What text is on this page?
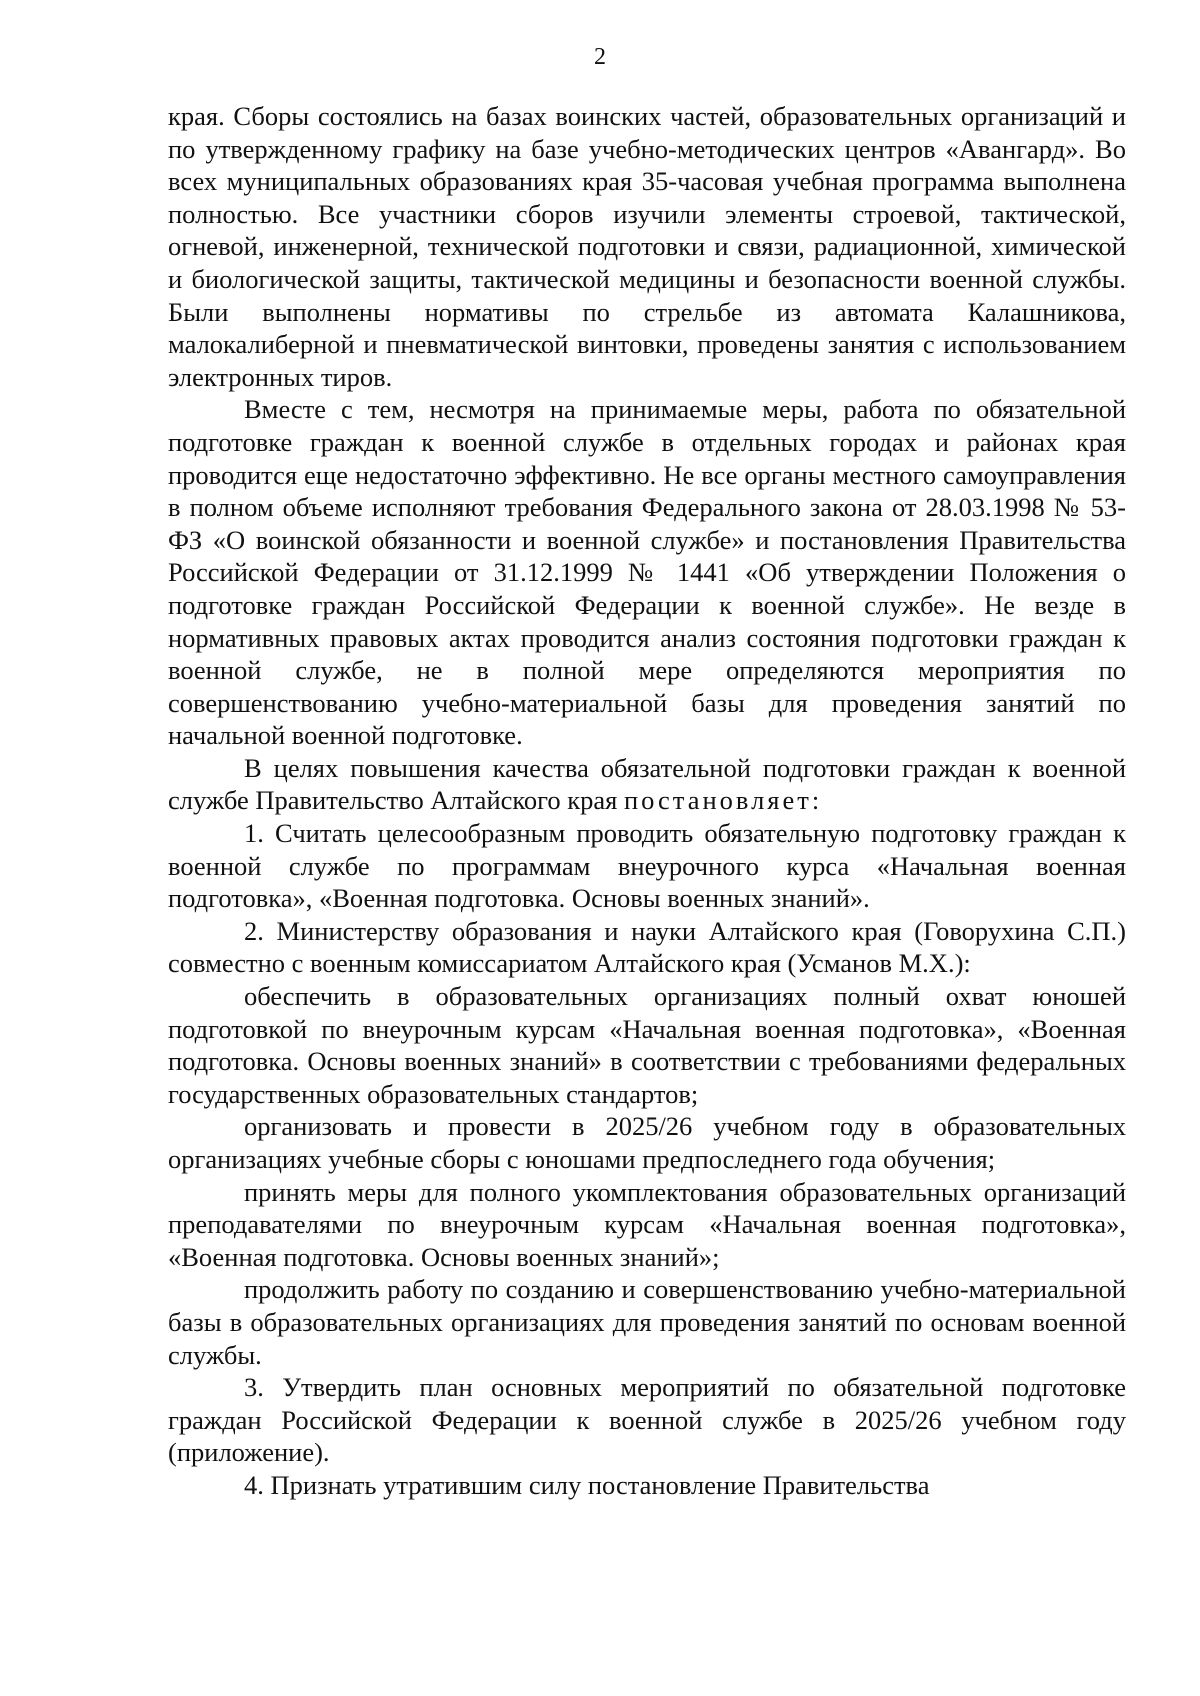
2

края. Сборы состоялись на базах воинских частей, образовательных организаций и по утвержденному графику на базе учебно-методических центров «Авангард». Во всех муниципальных образованиях края 35-часовая учебная программа выполнена полностью. Все участники сборов изучили элементы строевой, тактической, огневой, инженерной, технической подготовки и связи, радиационной, химической и биологической защиты, тактической медицины и безопасности военной службы. Были выполнены нормативы по стрельбе из автомата Калашникова, малокалиберной и пневматической винтовки, проведены занятия с использованием электронных тиров.

Вместе с тем, несмотря на принимаемые меры, работа по обязательной подготовке граждан к военной службе в отдельных городах и районах края проводится еще недостаточно эффективно. Не все органы местного самоуправления в полном объеме исполняют требования Федерального закона от 28.03.1998 № 53-ФЗ «О воинской обязанности и военной службе» и постановления Правительства Российской Федерации от 31.12.1999 № 1441 «Об утверждении Положения о подготовке граждан Российской Федерации к военной службе». Не везде в нормативных правовых актах проводится анализ состояния подготовки граждан к военной службе, не в полной мере определяются мероприятия по совершенствованию учебно-материальной базы для проведения занятий по начальной военной подготовке.

В целях повышения качества обязательной подготовки граждан к военной службе Правительство Алтайского края постановляет:

1. Считать целесообразным проводить обязательную подготовку граждан к военной службе по программам внеурочного курса «Начальная военная подготовка», «Военная подготовка. Основы военных знаний».

2. Министерству образования и науки Алтайского края (Говорухина С.П.) совместно с военным комиссариатом Алтайского края (Усманов М.Х.):

обеспечить в образовательных организациях полный охват юношей подготовкой по внеурочным курсам «Начальная военная подготовка», «Военная подготовка. Основы военных знаний» в соответствии с требованиями федеральных государственных образовательных стандартов;

организовать и провести в 2025/26 учебном году в образовательных организациях учебные сборы с юношами предпоследнего года обучения;

принять меры для полного укомплектования образовательных организаций преподавателями по внеурочным курсам «Начальная военная подготовка», «Военная подготовка. Основы военных знаний»;

продолжить работу по созданию и совершенствованию учебно-материальной базы в образовательных организациях для проведения занятий по основам военной службы.

3. Утвердить план основных мероприятий по обязательной подготовке граждан Российской Федерации к военной службе в 2025/26 учебном году (приложение).

4. Признать утратившим силу постановление Правительства
